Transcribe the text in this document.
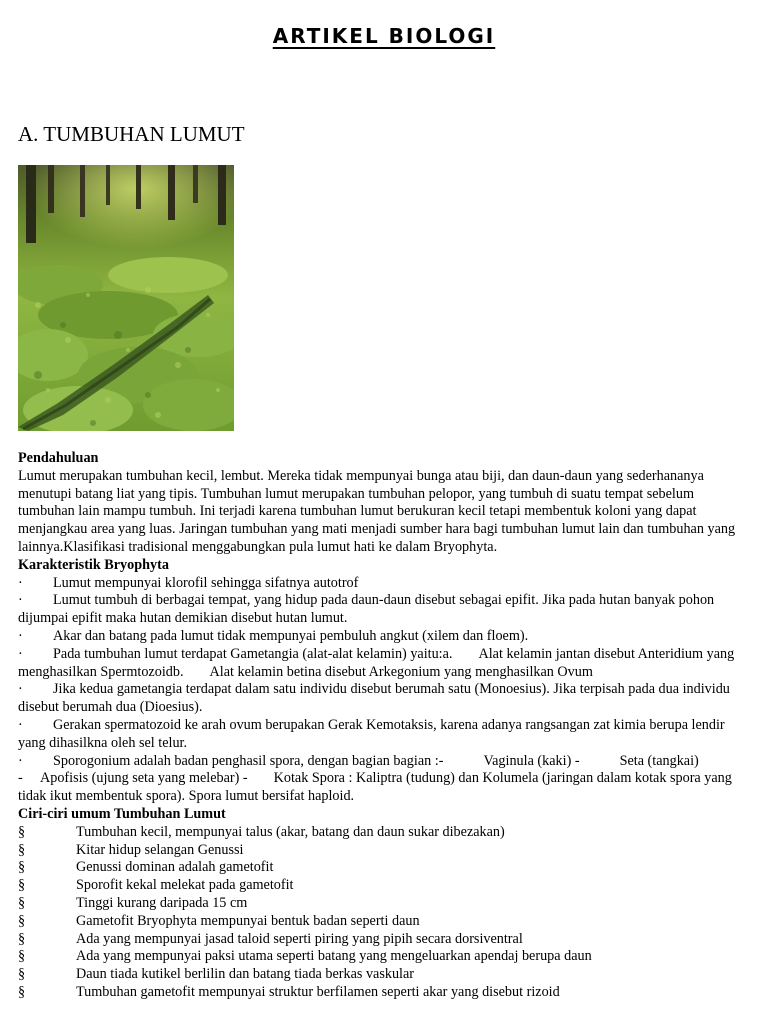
ARTIKEL BIOLOGI
A. TUMBUHAN LUMUT
Pendahuluan

Lumut merupakan tumbuhan kecil, lembut. Mereka tidak mempunyai bunga atau biji, dan daun-daun yang sederhananya menutupi batang liat yang tipis. Tumbuhan lumut merupakan tumbuhan pelopor, yang tumbuh di suatu tempat sebelum tumbuhan lain mampu tumbuh. Ini terjadi karena tumbuhan lumut berukuran kecil tetapi membentuk koloni yang dapat menjangkau area yang luas. Jaringan tumbuhan yang mati menjadi sumber hara bagi tumbuhan lumut lain dan tumbuhan yang lainnya.Klasifikasi tradisional menggabungkan pula lumut hati ke dalam Bryophyta.

Karakteristik Bryophyta
· Lumut mempunyai klorofil sehingga sifatnya autotrof
· Lumut tumbuh di berbagai tempat, yang hidup pada daun-daun disebut sebagai epifit. Jika pada hutan banyak pohon dijumpai epifit maka hutan demikian disebut hutan lumut.
· Akar dan batang pada lumut tidak mempunyai pembuluh angkut (xilem dan floem).
· Pada tumbuhan lumut terdapat Gametangia (alat-alat kelamin) yaitu:a. Alat kelamin jantan disebut Anteridium yang menghasilkan Spermtozoidb. Alat kelamin betina disebut Arkegonium yang menghasilkan Ovum
· Jika kedua gametangia terdapat dalam satu individu disebut berumah satu (Monoesius). Jika terpisah pada dua individu disebut berumah dua (Dioesius).
· Gerakan spermatozoid ke arah ovum berupakan Gerak Kemotaksis, karena adanya rangsangan zat kimia berupa lendir yang dihasilkna oleh sel telur.
· Sporogonium adalah badan penghasil spora, dengan bagian bagian :-	Vaginula (kaki) -	Seta (tangkai)
- Apofisis (ujung seta yang melebar) - Kotak Spora : Kaliptra (tudung) dan Kolumela (jaringan dalam kotak spora yang tidak ikut membentuk spora). Spora lumut bersifat haploid.
Ciri-ciri umum Tumbuhan Lumut
§	Tumbuhan kecil, mempunyai talus (akar, batang dan daun sukar dibezakan)
§	Kitar hidup selangan Genussi
§	Genussi dominan adalah gametofit
§	Sporofit kekal melekat pada gametofit
§	Tinggi kurang daripada 15 cm
§	Gametofit Bryophyta mempunyai bentuk badan seperti daun
§	Ada yang mempunyai jasad taloid seperti piring yang pipih secara dorsiventral
§	Ada yang mempunyai paksi utama seperti batang yang mengeluarkan apendaj berupa daun
§	Daun tiada kutikel berlilin dan batang tiada berkas vaskular
§	Tumbuhan gametofit mempunyai struktur berfilamen seperti akar yang disebut rizoid
